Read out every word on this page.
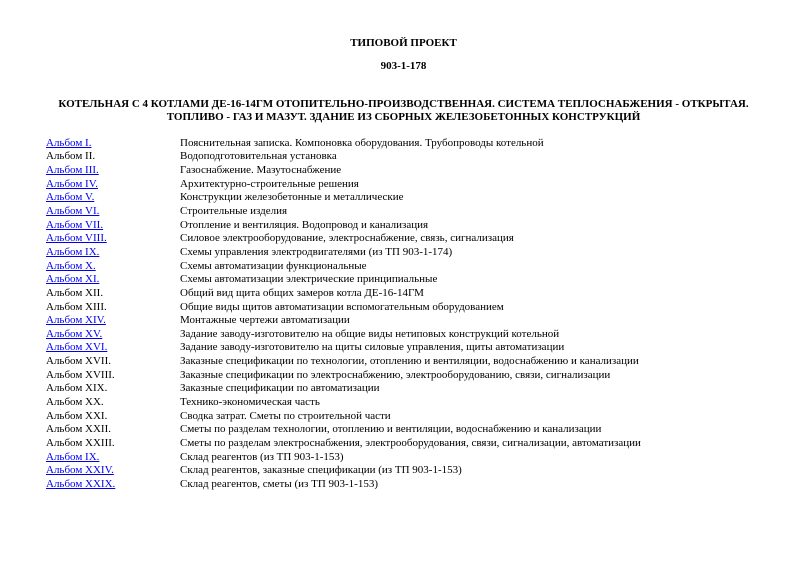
ТИПОВОЙ ПРОЕКТ
903-1-178
КОТЕЛЬНАЯ С 4 КОТЛАМИ ДЕ-16-14ГМ ОТОПИТЕЛЬНО-ПРОИЗВОДСТВЕННАЯ. СИСТЕМА ТЕПЛОСНАБЖЕНИЯ - ОТКРЫТАЯ.
ТОПЛИВО - ГАЗ И МАЗУТ. ЗДАНИЕ ИЗ СБОРНЫХ ЖЕЛЕЗОБЕТОННЫХ КОНСТРУКЦИЙ
Альбом I.	Пояснительная записка. Компоновка оборудования. Трубопроводы котельной
Альбом II.	Водоподготовительная установка
Альбом III.	Газоснабжение. Мазутоснабжение
Альбом IV.	Архитектурно-строительные решения
Альбом V.	Конструкции железобетонные и металлические
Альбом VI.	Строительные изделия
Альбом VII.	Отопление и вентиляция. Водопровод и канализация
Альбом VIII.	Силовое электрооборудование, электроснабжение, связь, сигнализация
Альбом IX.	Схемы управления электродвигателями (из ТП 903-1-174)
Альбом X.	Схемы автоматизации функциональные
Альбом XI.	Схемы автоматизации электрические принципиальные
Альбом XII.	Общий вид щита общих замеров котла ДЕ-16-14ГМ
Альбом XIII.	Общие виды щитов автоматизации вспомогательным оборудованием
Альбом XIV.	Монтажные чертежи автоматизации
Альбом XV.	Задание заводу-изготовителю на общие виды нетиповых конструкций котельной
Альбом XVI.	Задание заводу-изготовителю на щиты силовые управления, щиты автоматизации
Альбом XVII.	Заказные спецификации по технологии, отоплению и вентиляции, водоснабжению и канализации
Альбом XVIII.	Заказные спецификации по электроснабжению, электрооборудованию, связи, сигнализации
Альбом XIX.	Заказные спецификации по автоматизации
Альбом XX.	Технико-экономическая часть
Альбом XXI.	Сводка затрат. Сметы по строительной части
Альбом XXII.	Сметы по разделам технологии, отоплению и вентиляции, водоснабжению и канализации
Альбом XXIII.	Сметы по разделам электроснабжения, электрооборудования, связи, сигнализации, автоматизации
Альбом IX.	Склад реагентов (из ТП 903-1-153)
Альбом XXIV.	Склад реагентов, заказные спецификации (из ТП 903-1-153)
Альбом XXIX.	Склад реагентов, сметы (из ТП 903-1-153)
